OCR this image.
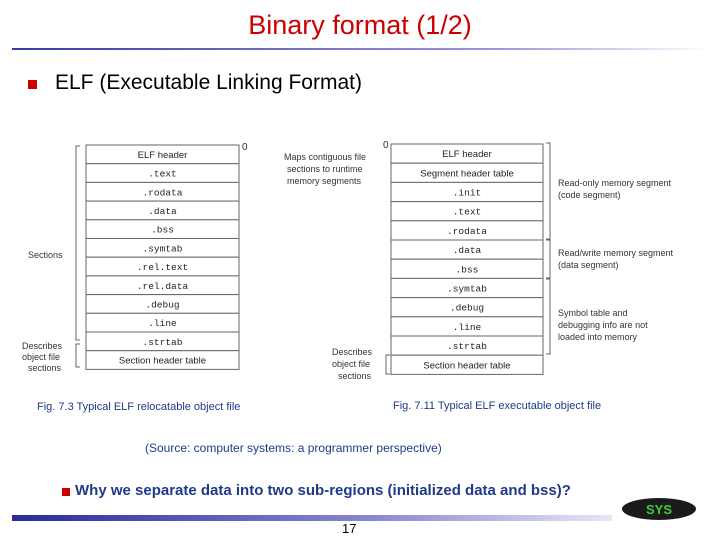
Binary format (1/2)
ELF (Executable Linking Format)
ELF header
.text
.rodata
.data
.bss
.symtab
.rel.text
.rel.data
.debug
.line
.strtab
Section header table
0
Maps contiguous file
sections to runtime
memory segments
Sections
Describes
object file
sections
ELF header
Segment header table
.init
.text
.rodata
.data
.bss
.symtab
.debug
.line
.strtab
Section header table
0
Read-only memory segment
(code segment)
Read/write memory segment
(data segment)
Symbol table and
debugging info are not
loaded into memory
Describes
object file
sections
Fig. 7.3 Typical ELF relocatable object file	Fig. 7.11 Typical ELF executable object file
(Source: computer systems: a programmer perspective)
Why we separate data into two sub-regions (initialized data and bss)?
17
SYS
